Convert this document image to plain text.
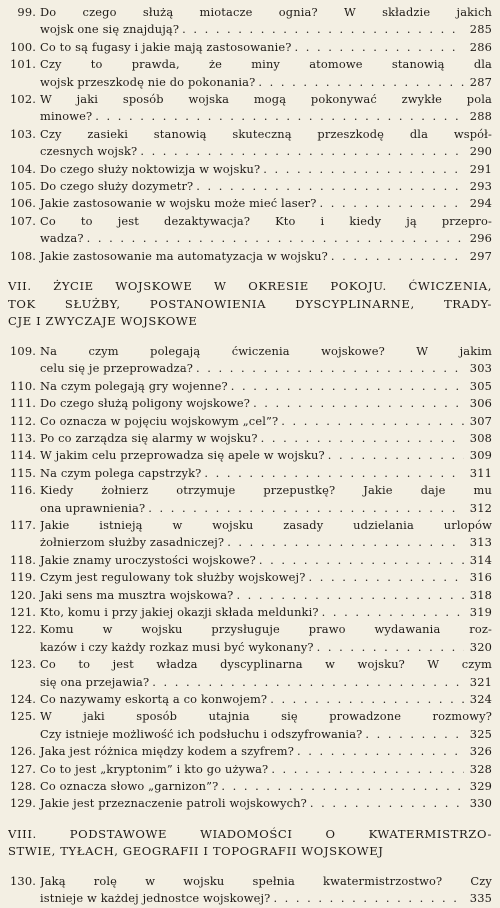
99. Do czego służą miotacze ognia? W składzie jakich
wojsk one się znajdują? . . .	285
100. Co to są fugasy i jakie mają zastosowanie? . . .	286
101. Czy to prawda, że miny atomowe stanowią dla
wojsk przeszkodę nie do pokonania? . . .	287
102. W jaki sposób wojska mogą pokonywać zwykłe pola
minowe? . . .	288
103. Czy zasieki stanowią skuteczną przeszkodę dla współ-
czesnych wojsk? . . .	290
104. Do czego służy noktowizja w wojsku? . . .	291
105. Do czego służy dozymetr? . . .	293
106. Jakie zastosowanie w wojsku może mieć laser? . . .	294
107. Co to jest dezaktywacja? Kto i kiedy ją przepro-
wadza? . . .	296
108. Jakie zastosowanie ma automatyzacja w wojsku? . . .	297
VII. ŻYCIE WOJSKOWE W OKRESIE POKOJU. ĆWICZENIA,
TOK SŁUŻBY, POSTANOWIENIA DYSCYPLINARNE, TRADY-
CJE I ZWYCZAJE WOJSKOWE
109. Na czym polegają ćwiczenia wojskowe? W jakim
celu się je przeprowadza? . . .	303
110. Na czym polegają gry wojenne? . . .	305
111. Do czego służą poligony wojskowe? . . .	306
112. Co oznacza w pojęciu wojskowym „cel”? . . .	307
113. Po co zarządza się alarmy w wojsku? . . .	308
114. W jakim celu przeprowadza się apele w wojsku? . . .	309
115. Na czym polega capstrzyk? . . .	311
116. Kiedy żołnierz otrzymuje przepustkę? Jakie daje mu
ona uprawnienia? . . .	312
117. Jakie istnieją w wojsku zasady udzielania urlopów
żołnierzom służby zasadniczej? . . .	313
118. Jakie znamy uroczystości wojskowe? . . .	314
119. Czym jest regulowany tok służby wojskowej? . . .	316
120. Jaki sens ma musztra wojskowa? . . .	318
121. Kto, komu i przy jakiej okazji składa meldunki? . . .	319
122. Komu w wojsku przysługuje prawo wydawania roz-
kazów i czy każdy rozkaz musi być wykonany? . . .	320
123. Co to jest władza dyscyplinarna w wojsku? W czym
się ona przejawia? . . .	321
124. Co nazywamy eskortą a co konwojem? . . .	324
125. W jaki sposób utajnia się prowadzone rozmowy?
Czy istnieje możliwość ich podsłuchu i odszyfrowania? . . .	325
126. Jaka jest różnica między kodem a szyfrem? . . .	326
127. Co to jest „kryptonim” i kto go używa? . . .	328
128. Co oznacza słowo „garnizon”? . . .	329
129. Jakie jest przeznaczenie patroli wojskowych? . . .	330
VIII. PODSTAWOWE WIADOMOŚCI O KWATERMISTRZO-
STWIE, TYŁACH, GEOGRAFII I TOPOGRAFII WOJSKOWEJ
130. Jaką rolę w wojsku spełnia kwatermistrzostwo? Czy
istnieje w każdej jednostce wojskowej? . . .	335
